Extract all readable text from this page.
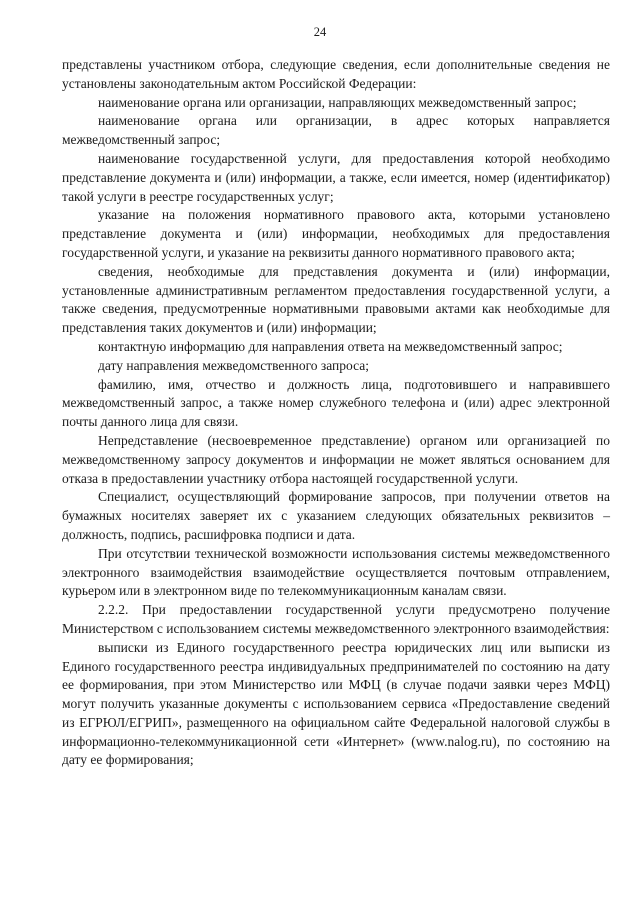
24

представлены участником отбора, следующие сведения, если дополнительные сведения не установлены законодательным актом Российской Федерации:

наименование органа или организации, направляющих межведомственный запрос;

наименование органа или организации, в адрес которых направляется межведомственный запрос;

наименование государственной услуги, для предоставления которой необходимо представление документа и (или) информации, а также, если имеется, номер (идентификатор) такой услуги в реестре государственных услуг;

указание на положения нормативного правового акта, которыми установлено представление документа и (или) информации, необходимых для предоставления государственной услуги, и указание на реквизиты данного нормативного правового акта;

сведения, необходимые для представления документа и (или) информации, установленные административным регламентом предоставления государственной услуги, а также сведения, предусмотренные нормативными правовыми актами как необходимые для представления таких документов и (или) информации;

контактную информацию для направления ответа на межведомственный запрос;

дату направления межведомственного запроса;

фамилию, имя, отчество и должность лица, подготовившего и направившего межведомственный запрос, а также номер служебного телефона и (или) адрес электронной почты данного лица для связи.

Непредставление (несвоевременное представление) органом или организацией по межведомственному запросу документов и информации не может являться основанием для отказа в предоставлении участнику отбора настоящей государственной услуги.

Специалист, осуществляющий формирование запросов, при получении ответов на бумажных носителях заверяет их с указанием следующих обязательных реквизитов – должность, подпись, расшифровка подписи и дата.

При отсутствии технической возможности использования системы межведомственного электронного взаимодействия взаимодействие осуществляется почтовым отправлением, курьером или в электронном виде по телекоммуникационным каналам связи.

2.2.2. При предоставлении государственной услуги предусмотрено получение Министерством с использованием системы межведомственного электронного взаимодействия:

выписки из Единого государственного реестра юридических лиц или выписки из Единого государственного реестра индивидуальных предпринимателей по состоянию на дату ее формирования, при этом Министерство или МФЦ (в случае подачи заявки через МФЦ) могут получить указанные документы с использованием сервиса «Предоставление сведений из ЕГРЮЛ/ЕГРИП», размещенного на официальном сайте Федеральной налоговой службы в информационно-телекоммуникационной сети «Интернет» (www.nalog.ru), по состоянию на дату ее формирования;
